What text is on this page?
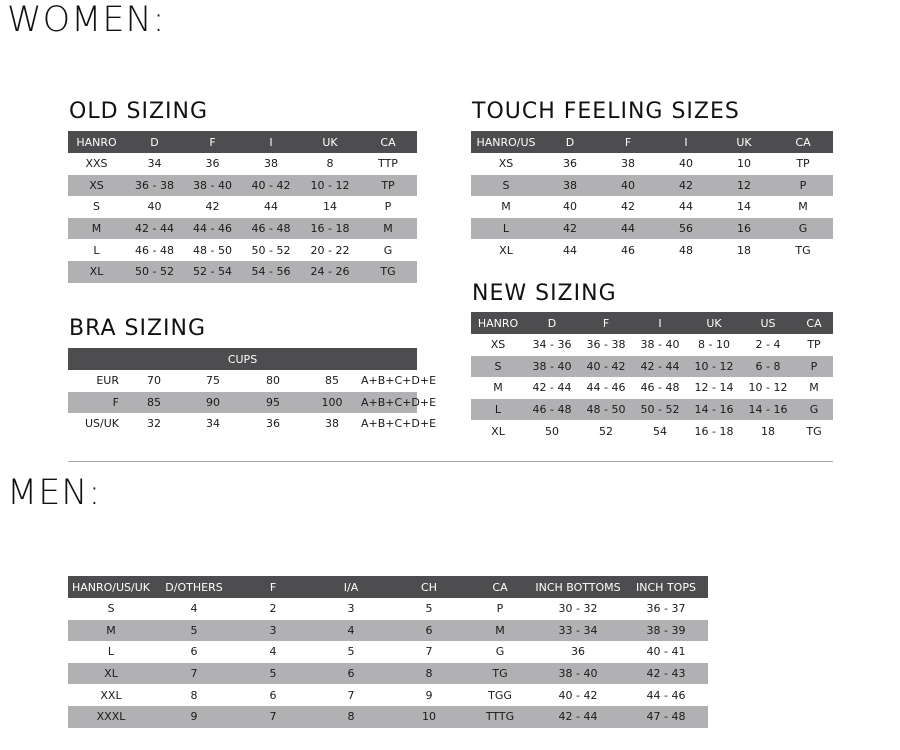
WOMEN:
OLD SIZING
HANRO	D	F	I	UK	CA
XXS	34	36	38	8	TTP
XS	36 - 38	38 - 40	40 - 42	10 - 12	TP
S	40	42	44	14	P
M	42 - 44	44 - 46	46 - 48	16 - 18	M
L	46 - 48	48 - 50	50 - 52	20 - 22	G
XL	50 - 52	52 - 54	54 - 56	24 - 26	TG
TOUCH FEELING SIZES
HANRO/US	D	F	I	UK	CA
XS	36	38	40	10	TP
S	38	40	42	12	P
M	40	42	44	14	M
L	42	44	56	16	G
XL	44	46	48	18	TG
BRA SIZING
CUPS					
EUR	70	75	80	85	A+B+C+D+E
F	85	90	95	100	A+B+C+D+E
US/UK	32	34	36	38	A+B+C+D+E
NEW SIZING
HANRO	D	F	I	UK	US	CA
XS	34 - 36	36 - 38	38 - 40	8 - 10	2 - 4	TP
S	38 - 40	40 - 42	42 - 44	10 - 12	6 - 8	P
M	42 - 44	44 - 46	46 - 48	12 - 14	10 - 12	M
L	46 - 48	48 - 50	50 - 52	14 - 16	14 - 16	G
XL	50	52	54	16 - 18	18	TG
MEN:
HANRO/US/UK	D/OTHERS	F	I/A	CH	CA	INCH BOTTOMS	INCH TOPS
S	4	2	3	5	P	30 - 32	36 - 37
M	5	3	4	6	M	33 - 34	38 - 39
L	6	4	5	7	G	36	40 - 41
XL	7	5	6	8	TG	38 - 40	42 - 43
XXL	8	6	7	9	TGG	40 - 42	44 - 46
XXXL	9	7	8	10	TTTG	42 - 44	47 - 48
